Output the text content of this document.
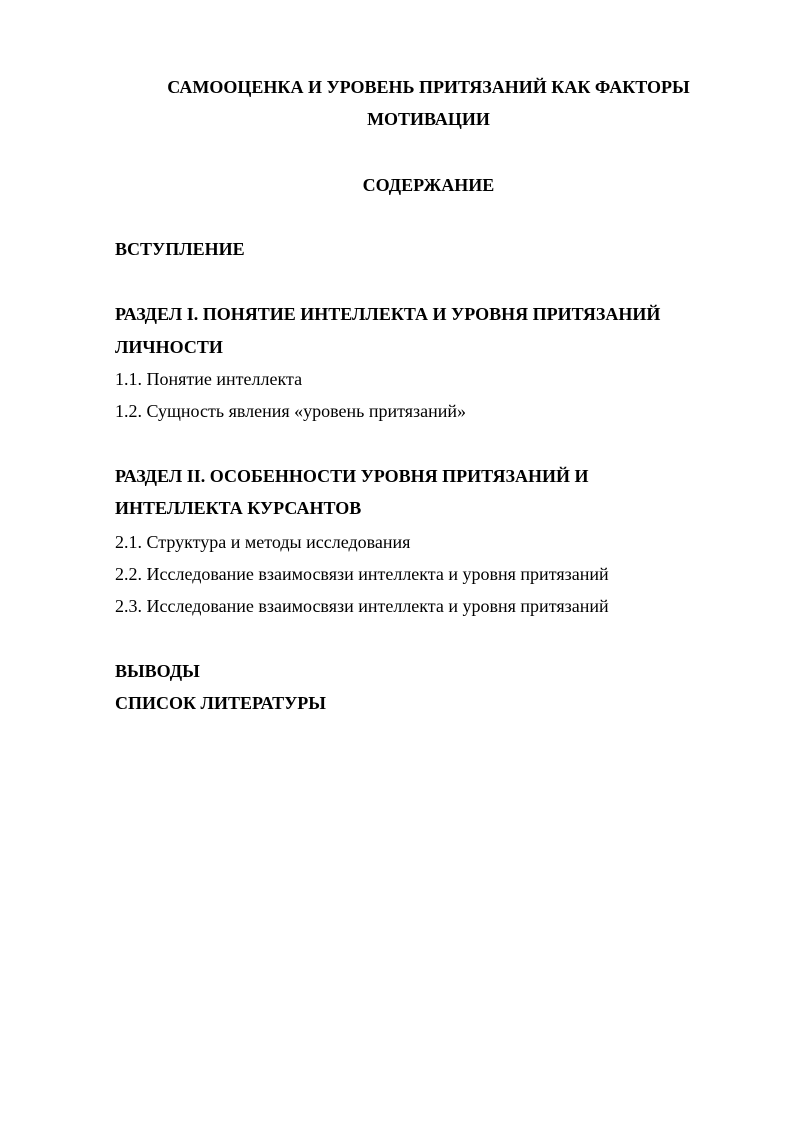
САМООЦЕНКА И УРОВЕНЬ ПРИТЯЗАНИЙ КАК ФАКТОРЫ
МОТИВАЦИИ
СОДЕРЖАНИЕ
ВСТУПЛЕНИЕ
РАЗДЕЛ I. ПОНЯТИЕ ИНТЕЛЛЕКТА И УРОВНЯ ПРИТЯЗАНИЙ
ЛИЧНОСТИ
1.1. Понятие интеллекта
1.2. Сущность явления «уровень притязаний»
РАЗДЕЛ II. ОСОБЕННОСТИ УРОВНЯ ПРИТЯЗАНИЙ И
ИНТЕЛЛЕКТА КУРСАНТОВ
2.1. Структура и методы исследования
2.2. Исследование взаимосвязи интеллекта и уровня притязаний
2.3. Исследование взаимосвязи интеллекта и уровня притязаний
ВЫВОДЫ
СПИСОК ЛИТЕРАТУРЫ
